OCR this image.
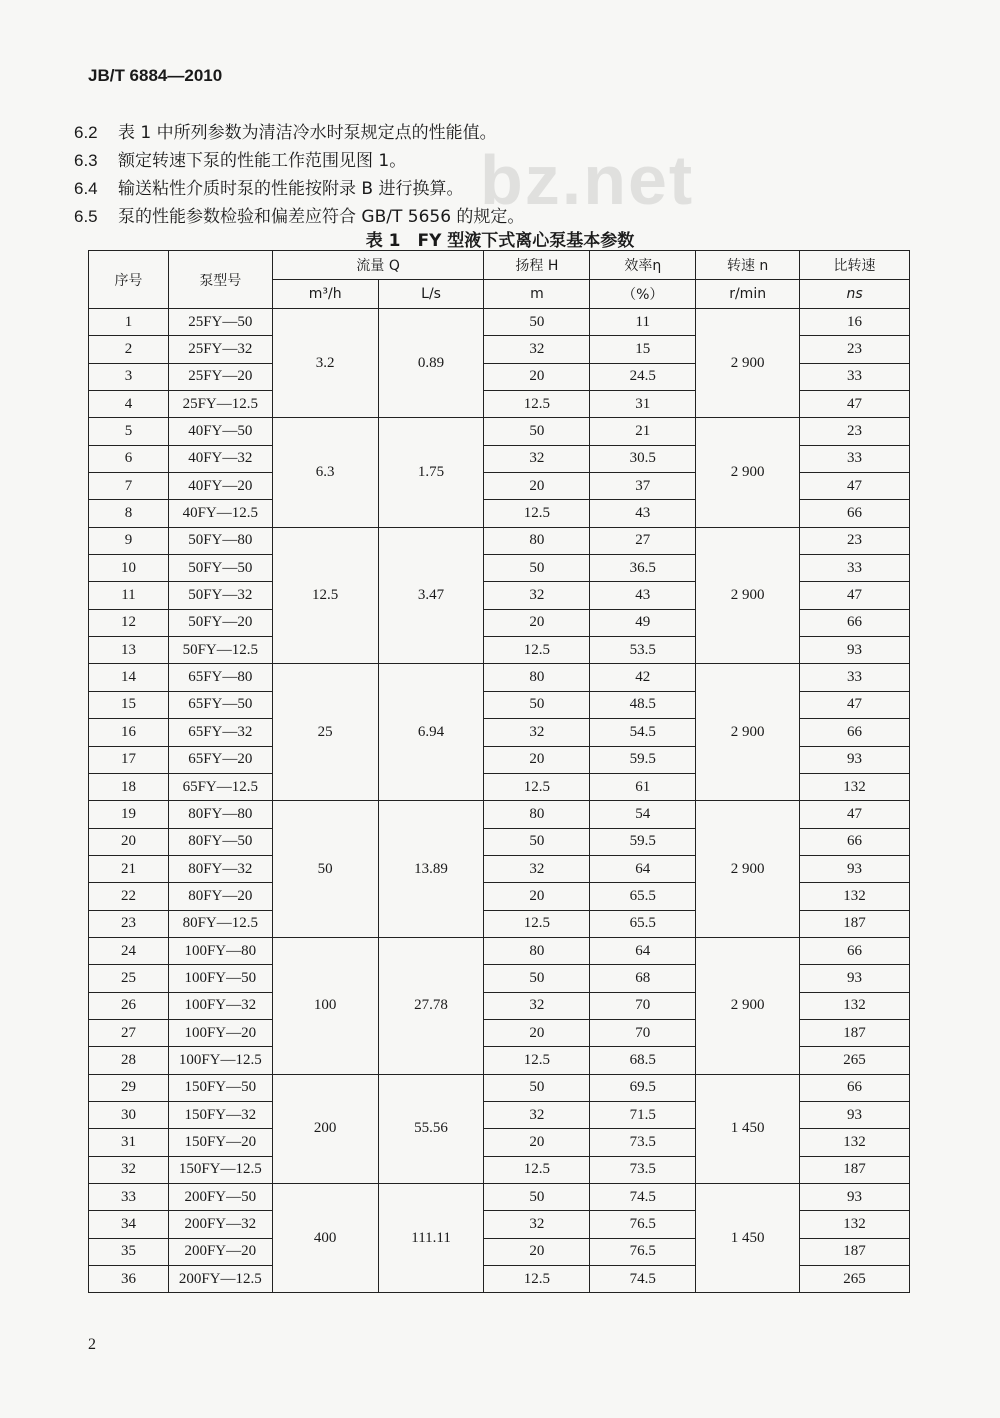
JB/T 6884—2010
bz.net
6.2 表 1 中所列参数为清洁冷水时泵规定点的性能值。
6.3 额定转速下泵的性能工作范围见图 1。
6.4 输送粘性介质时泵的性能按附录 B 进行换算。
6.5 泵的性能参数检验和偏差应符合 GB/T 5656 的规定。
表 1　FY 型液下式离心泵基本参数
序号	泵型号	流量 Q		扬程 H	效率η	转速 n	比转速
		m³/h	L/s	m	（%）	r/min	ns
1	25FY—50	3.2	0.89	50	11	2 900	16
2	25FY—32			32	15		23
3	25FY—20			20	24.5		33
4	25FY—12.5			12.5	31		47
5	40FY—50	6.3	1.75	50	21	2 900	23
6	40FY—32			32	30.5		33
7	40FY—20			20	37		47
8	40FY—12.5			12.5	43		66
9	50FY—80	12.5	3.47	80	27	2 900	23
10	50FY—50			50	36.5		33
11	50FY—32			32	43		47
12	50FY—20			20	49		66
13	50FY—12.5			12.5	53.5		93
14	65FY—80	25	6.94	80	42	2 900	33
15	65FY—50			50	48.5		47
16	65FY—32			32	54.5		66
17	65FY—20			20	59.5		93
18	65FY—12.5			12.5	61		132
19	80FY—80	50	13.89	80	54	2 900	47
20	80FY—50			50	59.5		66
21	80FY—32			32	64		93
22	80FY—20			20	65.5		132
23	80FY—12.5			12.5	65.5		187
24	100FY—80	100	27.78	80	64	2 900	66
25	100FY—50			50	68		93
26	100FY—32			32	70		132
27	100FY—20			20	70		187
28	100FY—12.5			12.5	68.5		265
29	150FY—50	200	55.56	50	69.5	1 450	66
30	150FY—32			32	71.5		93
31	150FY—20			20	73.5		132
32	150FY—12.5			12.5	73.5		187
33	200FY—50	400	111.11	50	74.5	1 450	93
34	200FY—32			32	76.5		132
35	200FY—20			20	76.5		187
36	200FY—12.5			12.5	74.5		265
2
